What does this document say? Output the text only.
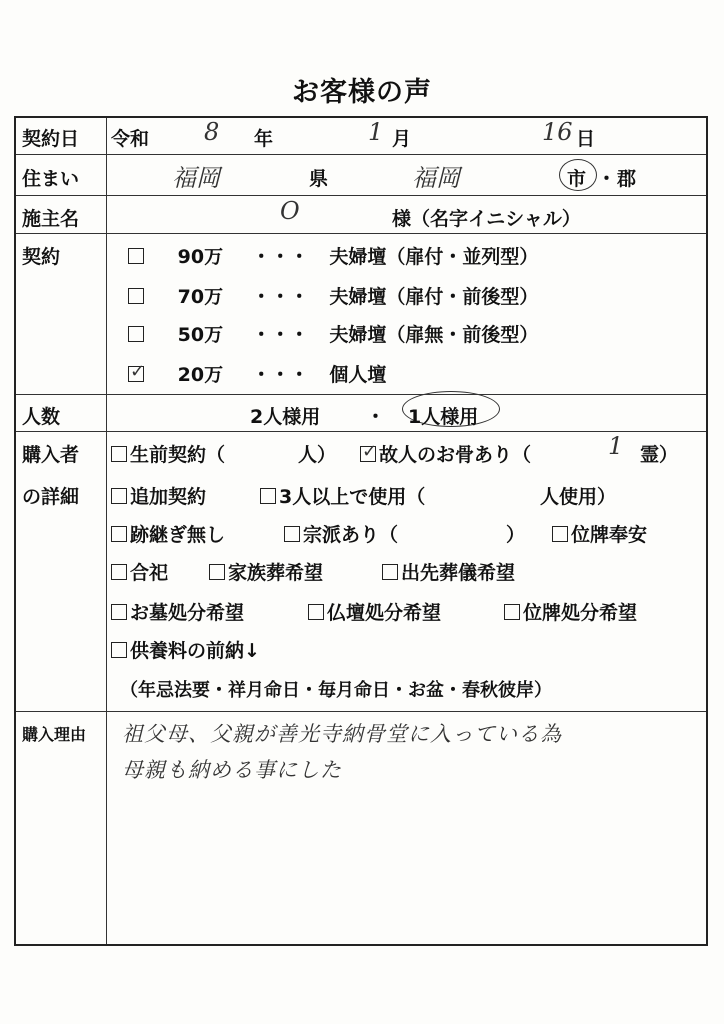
お客様の声
契約日	令和 8 年	1 月	16 日
住まい	福岡	県	福岡	市 ・ 郡
施主名	O	様（名字イニシャル）
契約	90万 ・・・ 夫婦壇（扉付・並列型）
70万 ・・・ 夫婦壇（扉付・前後型）
50万 ・・・ 夫婦壇（扉無・前後型）
✓ 20万 ・・・ 個人壇
人数	2人様用 ・ 1人様用
購入者
の詳細
生前契約（	人） ✓ 故人のお骨あり（	1 霊）
追加契約	3人以上で使用（	人使用）
跡継ぎ無し	宗派あり（	）	位牌奉安
合祀	家族葬希望	出先葬儀希望
お墓処分希望	仏壇処分希望	位牌処分希望
供養料の前納↓
（年忌法要・祥月命日・毎月命日・お盆・春秋彼岸）
購入理由	祖父母、父親が善光寺納骨堂に入っている為
母親も納める事にした
